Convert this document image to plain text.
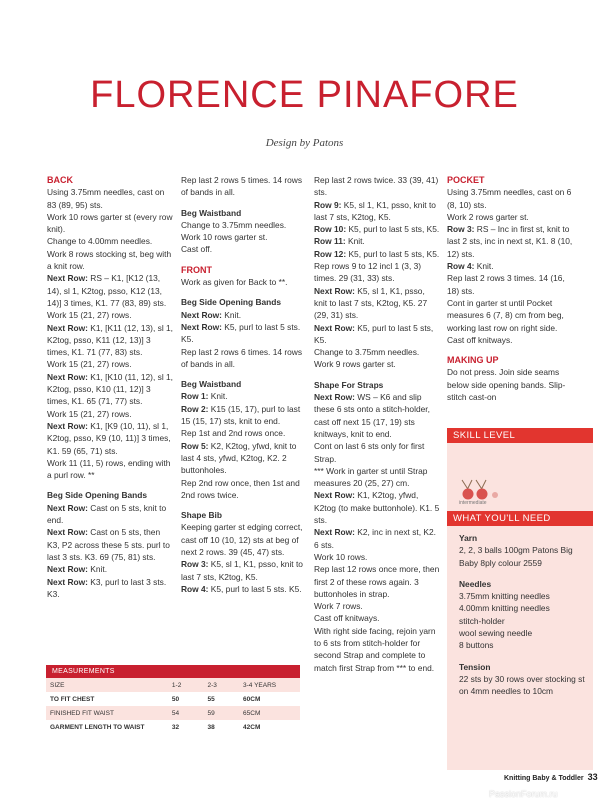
FLORENCE PINAFORE
Design by Patons

BACK

Using 3.75mm needles, cast on 83 (89, 95) sts.

Work 10 rows garter st (every row knit).

Change to 4.00mm needles. Work 8 rows stocking st, beg with a knit row.

Next Row: RS – K1, [K12 (13, 14), sl 1, K2tog, psso, K12 (13, 14)] 3 times, K1. 77 (83, 89) sts.

Work 15 (21, 27) rows.

Next Row: K1, [K11 (12, 13), sl 1, K2tog, psso, K11 (12, 13)] 3 times, K1. 71 (77, 83) sts.

Work 15 (21, 27) rows.

Next Row: K1, [K10 (11, 12), sl 1, K2tog, psso, K10 (11, 12)] 3 times, K1. 65 (71, 77) sts.

Work 15 (21, 27) rows.

Next Row: K1, [K9 (10, 11), sl 1, K2tog, psso, K9 (10, 11)] 3 times, K1. 59 (65, 71) sts.

Work 11 (11, 5) rows, ending with a purl row. **

Beg Side Opening Bands

Next Row: Cast on 5 sts, knit to end.

Next Row: Cast on 5 sts, then K3, P2 across these 5 sts. purl to last 3 sts. K3. 69 (75, 81) sts.

Next Row: Knit.

Next Row: K3, purl to last 3 sts. K3.

Rep last 2 rows 5 times. 14 rows of bands in all.

Beg Waistband

Change to 3.75mm needles. Work 10 rows garter st.

Cast off.

FRONT

Work as given for Back to **.

Beg Side Opening Bands

Next Row: Knit.

Next Row: K5, purl to last 5 sts. K5.

Rep last 2 rows 6 times. 14 rows of bands in all.

Beg Waistband

Row 1: Knit.

Row 2: K15 (15, 17), purl to last 15 (15, 17) sts, knit to end.

Rep 1st and 2nd rows once.

Row 5: K2, K2tog, yfwd, knit to last 4 sts, yfwd, K2tog, K2. 2 buttonholes.

Rep 2nd row once, then 1st and 2nd rows twice.

Shape Bib

Keeping garter st edging correct, cast off 10 (10, 12) sts at beg of next 2 rows. 39 (45, 47) sts.

Row 3: K5, sl 1, K1, psso, knit to last 7 sts, K2tog, K5.

Row 4: K5, purl to last 5 sts. K5.

Rep last 2 rows twice. 33 (39, 41) sts.

Row 9: K5, sl 1, K1, psso, knit to last 7 sts, K2tog, K5.

Row 10: K5, purl to last 5 sts, K5.

Row 11: Knit.

Row 12: K5, purl to last 5 sts, K5.

Rep rows 9 to 12 incl 1 (3, 3) times. 29 (31, 33) sts.

Next Row: K5, sl 1, K1, psso, knit to last 7 sts, K2tog, K5. 27 (29, 31) sts.

Next Row: K5, purl to last 5 sts, K5.

Change to 3.75mm needles. Work 9 rows garter st.

Shape For Straps

Next Row: WS – K6 and slip these 6 sts onto a stitch-holder, cast off next 15 (17, 19) sts knitways, knit to end.

Cont on last 6 sts only for first Strap.

*** Work in garter st until Strap measures 20 (25, 27) cm.

Next Row: K1, K2tog, yfwd, K2tog (to make buttonhole). K1. 5 sts.

Next Row: K2, inc in next st, K2. 6 sts.

Work 10 rows.

Rep last 12 rows once more, then first 2 of these rows again. 3 buttonholes in strap.

Work 7 rows.

Cast off knitways.

With right side facing, rejoin yarn to 6 sts from stitch-holder for second Strap and complete to match first Strap from *** to end.

POCKET

Using 3.75mm needles, cast on 6 (8, 10) sts.

Work 2 rows garter st.

Row 3: RS – Inc in first st, knit to last 2 sts, inc in next st, K1. 8 (10, 12) sts.

Row 4: Knit.

Rep last 2 rows 3 times. 14 (16, 18) sts.

Cont in garter st until Pocket measures 6 (7, 8) cm from beg, working last row on right side.

Cast off knitways.

MAKING UP

Do not press. Join side seams below side opening bands. Slip-stitch cast-on

SKILL LEVEL
intermediate
WHAT YOU'LL NEED

Yarn

2, 2, 3 balls 100gm Patons Big Baby 8ply colour 2559

Needles

3.75mm knitting needles

4.00mm knitting needles

stitch-holder

wool sewing needle

8 buttons

Tension

22 sts by 30 rows over stocking st on 4mm needles to 10cm

MEASUREMENTS
SIZE	1-2	2-3	3-4 YEARS
TO FIT CHEST	50	55	60CM
FINISHED FIT WAIST	54	59	65CM
GARMENT LENGTH TO WAIST	32	38	42CM
Knitting Baby & Toddler 33
PassionForum.ru
